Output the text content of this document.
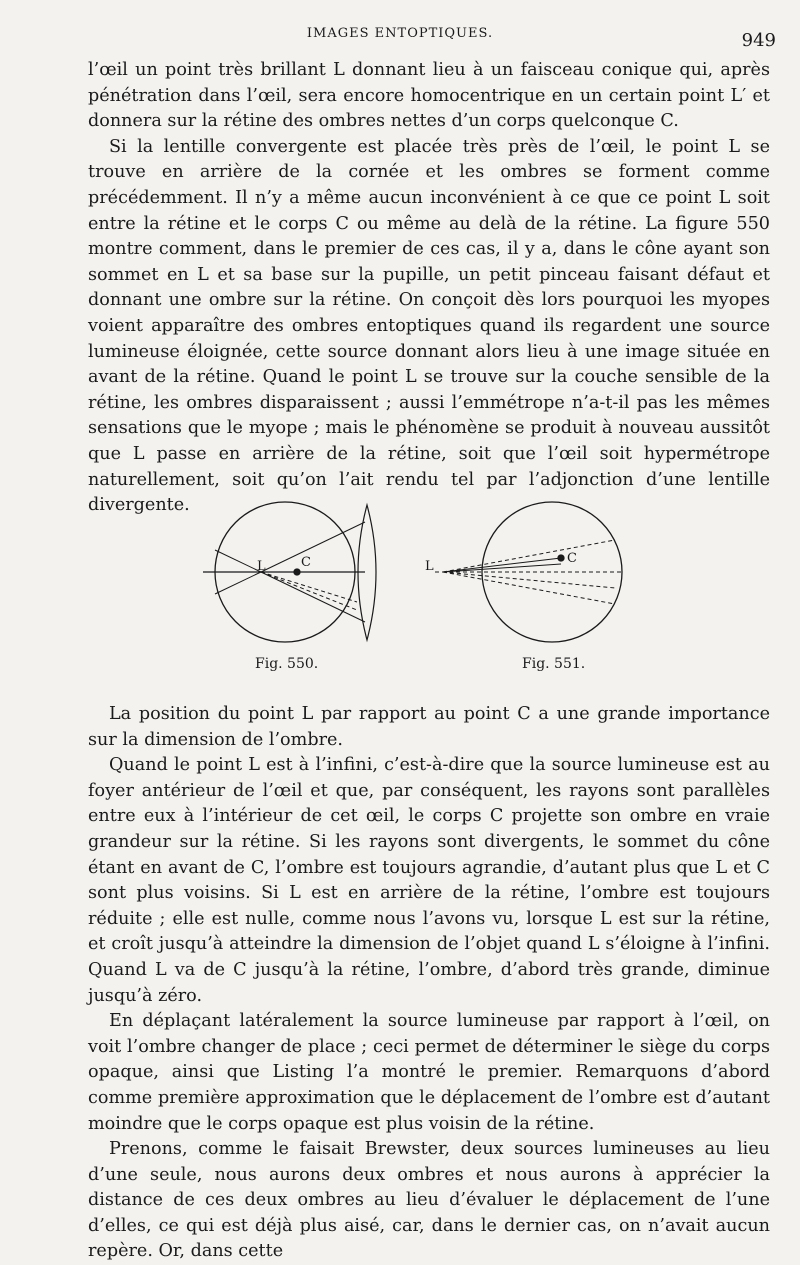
IMAGES ENTOPTIQUES.	949

l’œil un point très brillant L donnant lieu à un faisceau conique qui, après pénétration dans l’œil, sera encore homocentrique en un certain point L′ et donnera sur la rétine des ombres nettes d’un corps quelconque C.

Si la lentille convergente est placée très près de l’œil, le point L se trouve en arrière de la cornée et les ombres se forment comme précédemment. Il n’y a même aucun inconvénient à ce que ce point L soit entre la rétine et le corps C ou même au delà de la rétine. La figure 550 montre comment, dans le premier de ces cas, il y a, dans le cône ayant son sommet en L et sa base sur la pupille, un petit pinceau faisant défaut et donnant une ombre sur la rétine. On conçoit dès lors pourquoi les myopes voient apparaître des ombres entoptiques quand ils regardent une source lumineuse éloignée, cette source donnant alors lieu à une image située en avant de la rétine. Quand le point L se trouve sur la couche sensible de la rétine, les ombres disparaissent ; aussi l’emmétrope n’a-t-il pas les mêmes sensations que le myope ; mais le phénomène se produit à nouveau aussitôt que L passe en arrière de la rétine, soit que l’œil soit hypermétrope naturellement, soit qu’on l’ait rendu tel par l’adjonction d’une lentille divergente.

L	C	L
C
Fig. 550.	Fig. 551.

La position du point L par rapport au point C a une grande importance sur la dimension de l’ombre.

Quand le point L est à l’infini, c’est-à-dire que la source lumineuse est au foyer antérieur de l’œil et que, par conséquent, les rayons sont parallèles entre eux à l’intérieur de cet œil, le corps C projette son ombre en vraie grandeur sur la rétine. Si les rayons sont divergents, le sommet du cône étant en avant de C, l’ombre est toujours agrandie, d’autant plus que L et C sont plus voisins. Si L est en arrière de la rétine, l’ombre est toujours réduite ; elle est nulle, comme nous l’avons vu, lorsque L est sur la rétine, et croît jusqu’à atteindre la dimension de l’objet quand L s’éloigne à l’infini. Quand L va de C jusqu’à la rétine, l’ombre, d’abord très grande, diminue jusqu’à zéro.

En déplaçant latéralement la source lumineuse par rapport à l’œil, on voit l’ombre changer de place ; ceci permet de déterminer le siège du corps opaque, ainsi que Listing l’a montré le premier. Remarquons d’abord comme première approximation que le déplacement de l’ombre est d’autant moindre que le corps opaque est plus voisin de la rétine.

Prenons, comme le faisait Brewster, deux sources lumineuses au lieu d’une seule, nous aurons deux ombres et nous aurons à apprécier la distance de ces deux ombres au lieu d’évaluer le déplacement de l’une d’elles, ce qui est déjà plus aisé, car, dans le dernier cas, on n’avait aucun repère. Or, dans cette
